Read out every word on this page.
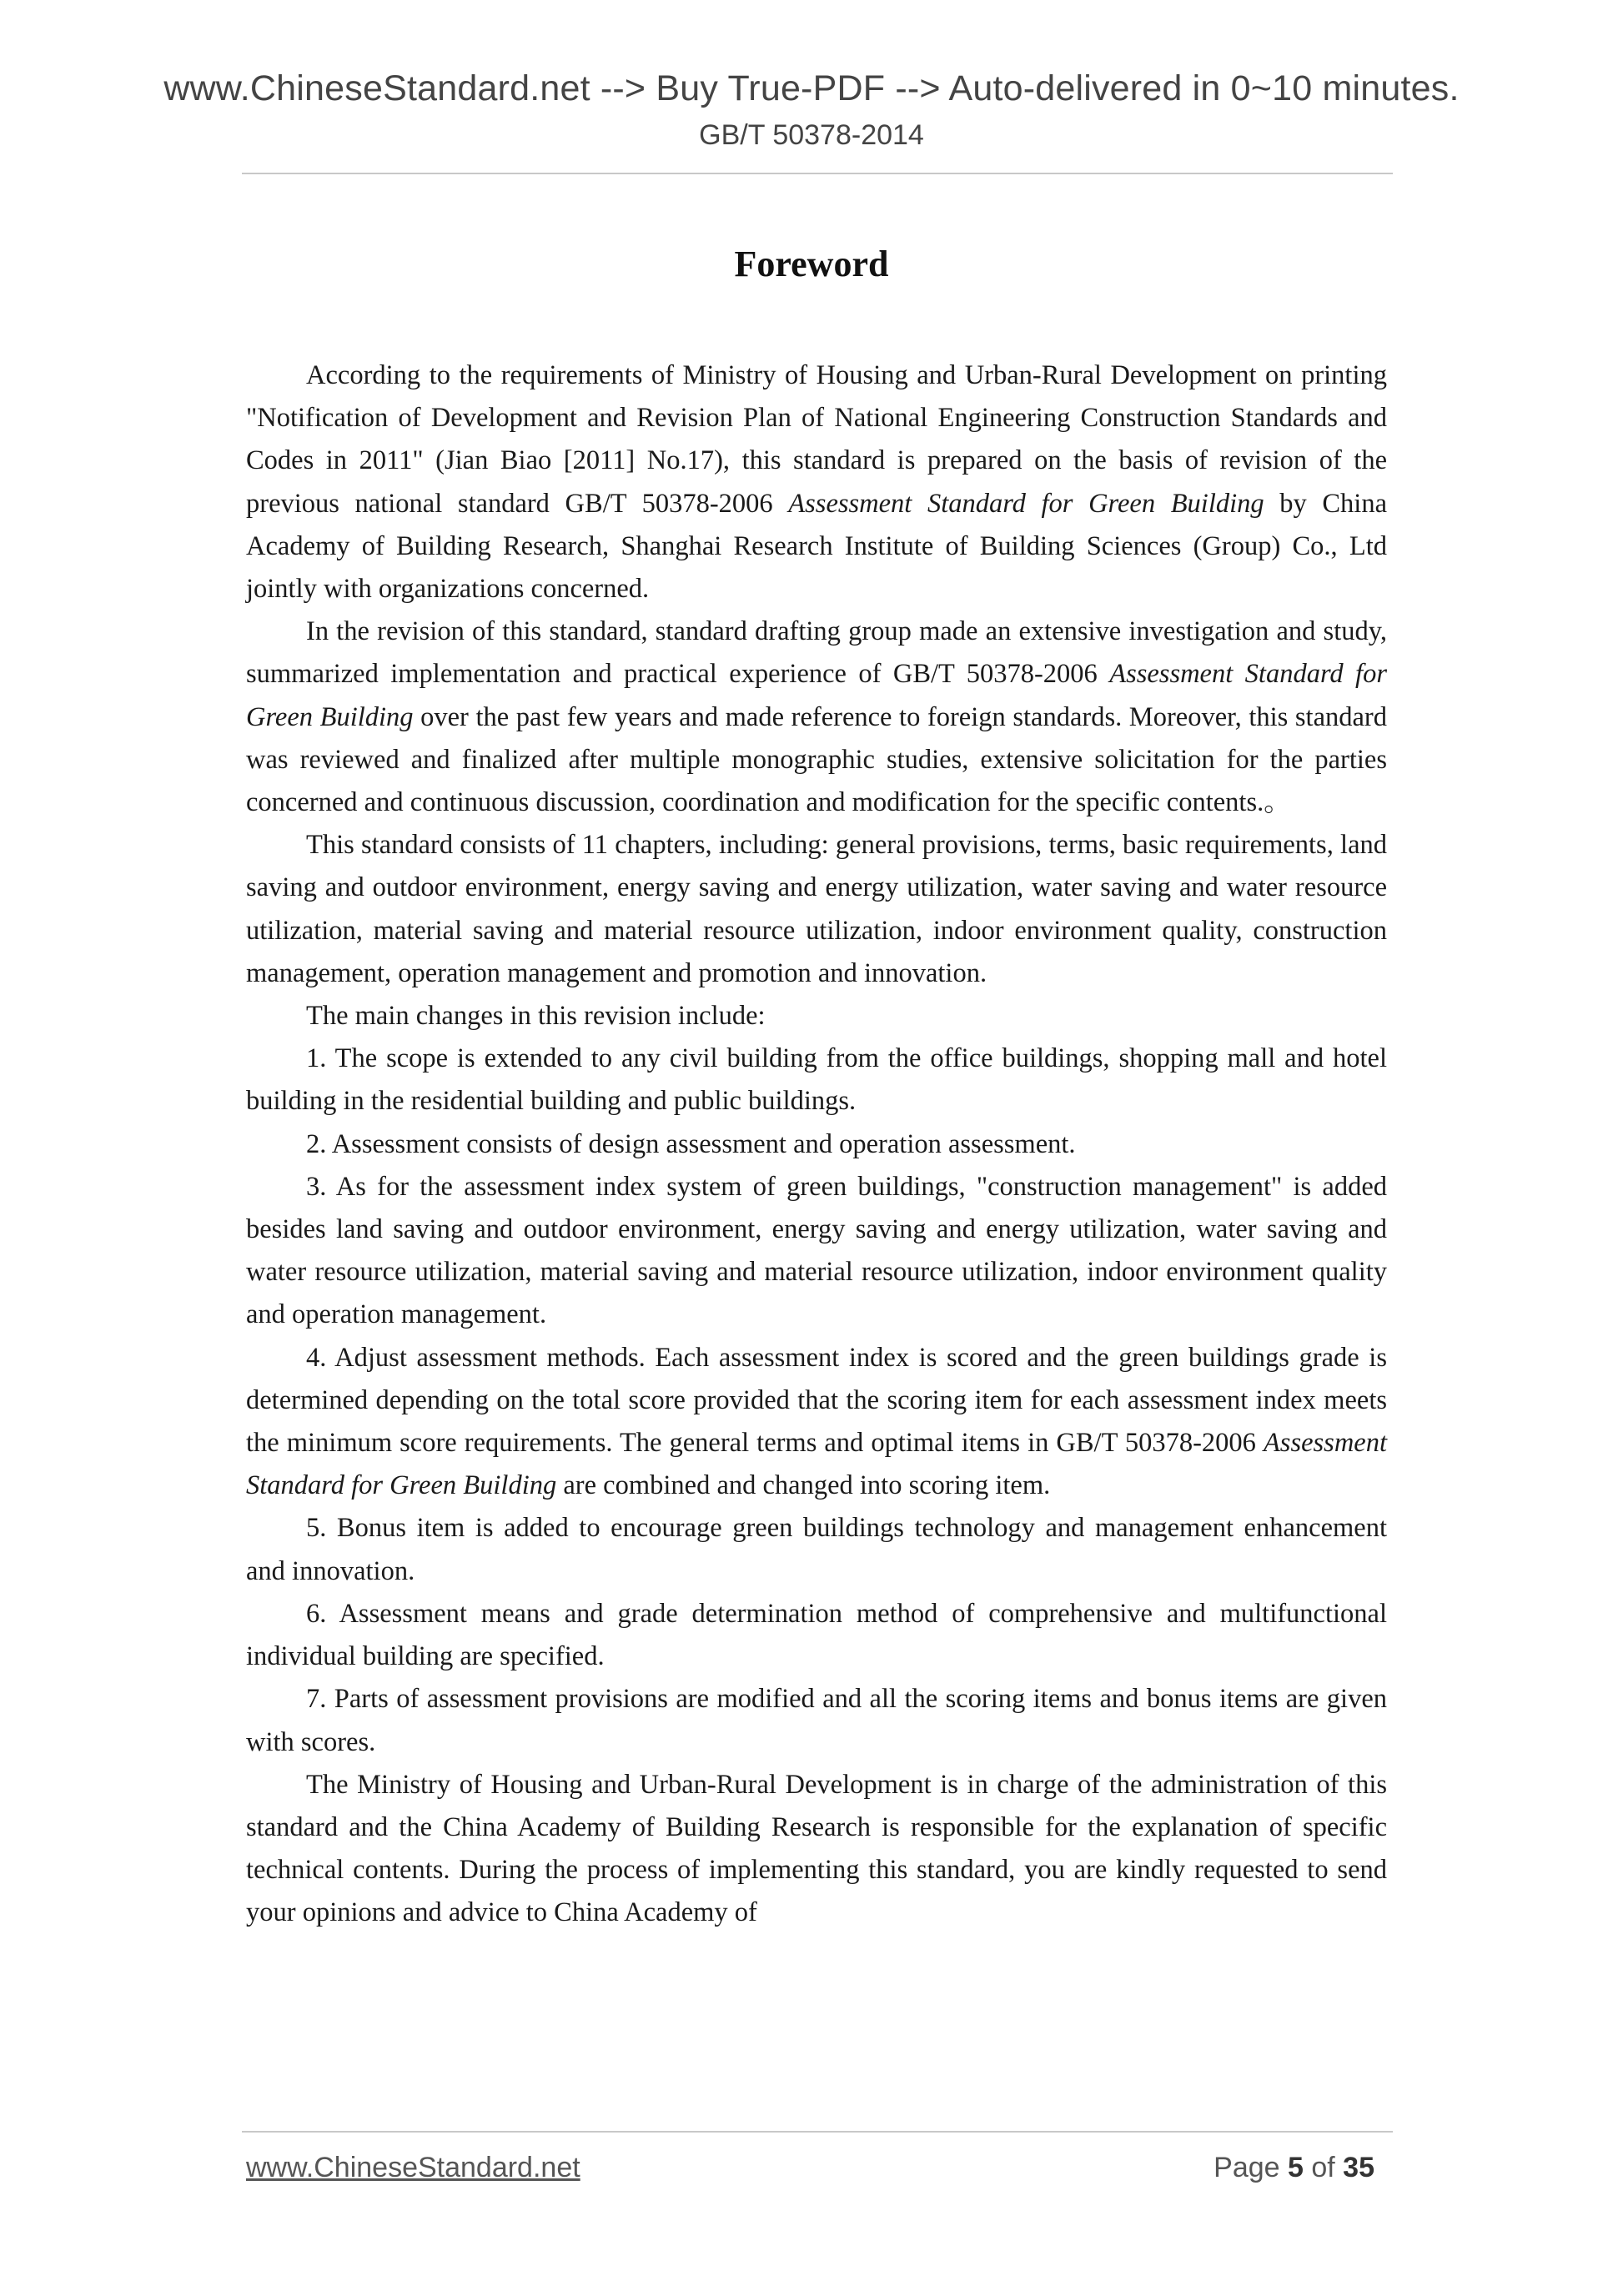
www.ChineseStandard.net --> Buy True-PDF --> Auto-delivered in 0~10 minutes.
GB/T 50378-2014
Foreword

According to the requirements of Ministry of Housing and Urban-Rural Development on printing "Notification of Development and Revision Plan of National Engineering Construction Standards and Codes in 2011" (Jian Biao [2011] No.17), this standard is prepared on the basis of revision of the previous national standard GB/T 50378-2006 Assessment Standard for Green Building by China Academy of Building Research, Shanghai Research Institute of Building Sciences (Group) Co., Ltd jointly with organizations concerned.

In the revision of this standard, standard drafting group made an extensive investigation and study, summarized implementation and practical experience of GB/T 50378-2006 Assessment Standard for Green Building over the past few years and made reference to foreign standards. Moreover, this standard was reviewed and finalized after multiple monographic studies, extensive solicitation for the parties concerned and continuous discussion, coordination and modification for the specific contents.。

This standard consists of 11 chapters, including: general provisions, terms, basic requirements, land saving and outdoor environment, energy saving and energy utilization, water saving and water resource utilization, material saving and material resource utilization, indoor environment quality, construction management, operation management and promotion and innovation.

The main changes in this revision include:

1. The scope is extended to any civil building from the office buildings, shopping mall and hotel building in the residential building and public buildings.

2. Assessment consists of design assessment and operation assessment.

3. As for the assessment index system of green buildings, "construction management" is added besides land saving and outdoor environment, energy saving and energy utilization, water saving and water resource utilization, material saving and material resource utilization, indoor environment quality and operation management.

4. Adjust assessment methods. Each assessment index is scored and the green buildings grade is determined depending on the total score provided that the scoring item for each assessment index meets the minimum score requirements. The general terms and optimal items in GB/T 50378-2006 Assessment Standard for Green Building are combined and changed into scoring item.

5. Bonus item is added to encourage green buildings technology and management enhancement and innovation.

6. Assessment means and grade determination method of comprehensive and multifunctional individual building are specified.

7. Parts of assessment provisions are modified and all the scoring items and bonus items are given with scores.

The Ministry of Housing and Urban-Rural Development is in charge of the administration of this standard and the China Academy of Building Research is responsible for the explanation of specific technical contents. During the process of implementing this standard, you are kindly requested to send your opinions and advice to China Academy of

www.ChineseStandard.net	Page 5 of 35
